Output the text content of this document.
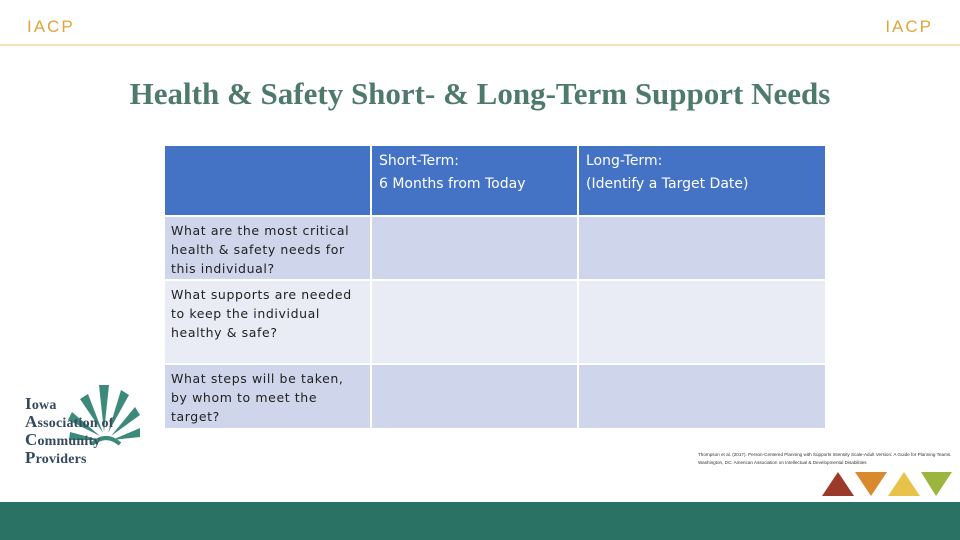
IACP	IACP
Health & Safety Short- & Long-Term Support Needs
Short-Term:
6 Months from Today
Long-Term:
(Identify a Target Date)
What are the most critical health & safety needs for this individual?
What supports are needed to keep the individual healthy & safe?
What steps will be taken, by whom to meet the target?
Iowa
Association of
Community
Providers	Thompson et al. (2017). Person-Centered Planning with Supports Intensity Scale-Adult Version: A Guide for Planning Teams. Washington, DC: American Association on Intellectual & Developmental Disabilities
